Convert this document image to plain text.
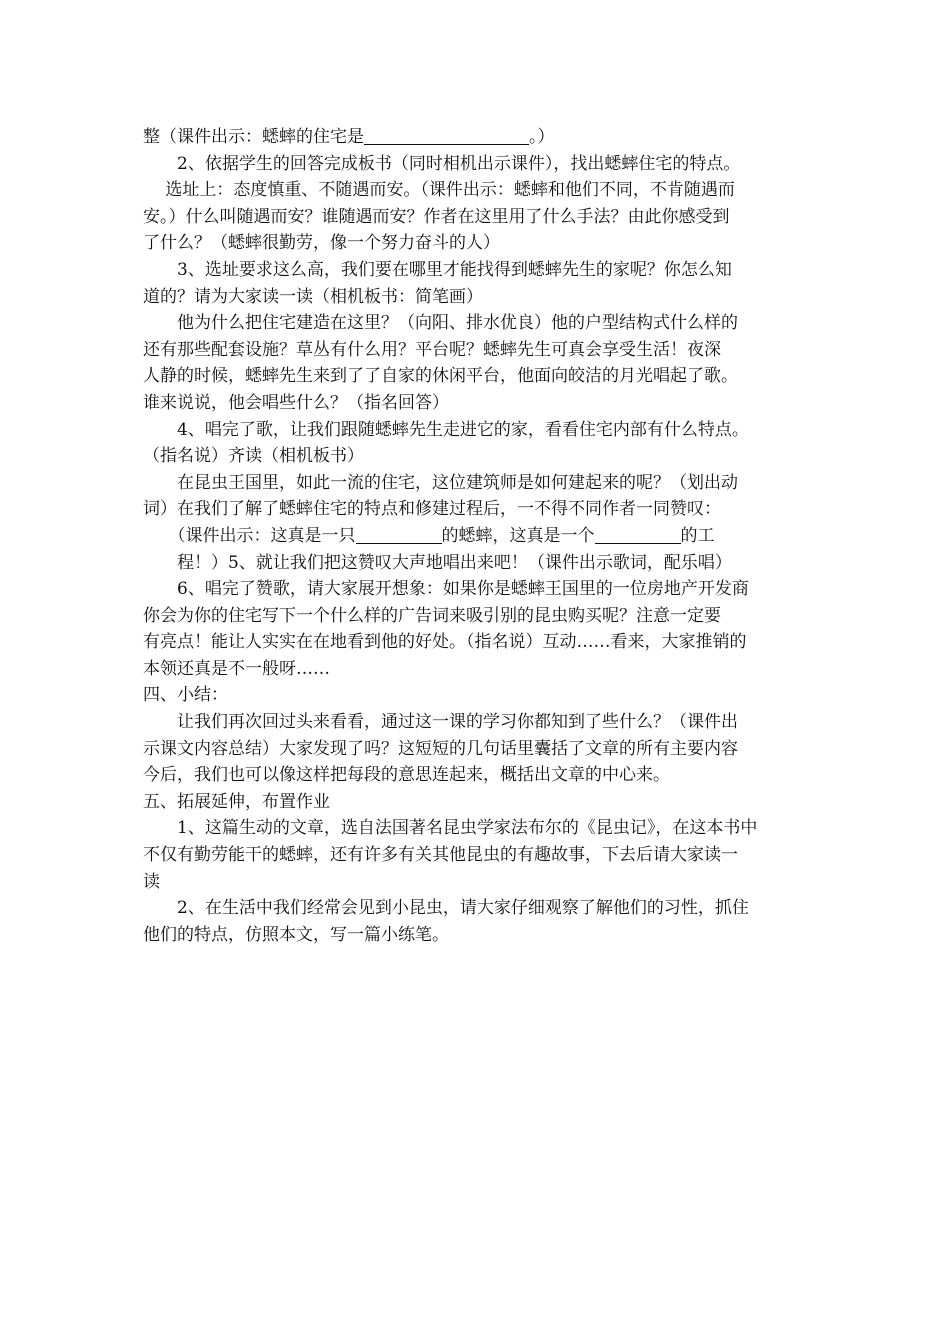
整（课件出示：蟋蟀的住宅是	。）

　　2、依据学生的回答完成板书（同时相机出示课件），找出蟋蟀住宅的特点。

　 选址上：态度慎重、不随遇而安。（课件出示：蟋蟀和他们不同，不肯随遇而

安。）什么叫随遇而安？谁随遇而安？作者在这里用了什么手法？由此你感受到

了什么？（蟋蟀很勤劳，像一个努力奋斗的人）

　　3、选址要求这么高，我们要在哪里才能找得到蟋蟀先生的家呢？你怎么知

道的？请为大家读一读（相机板书：简笔画）

　　他为什么把住宅建造在这里？（向阳、排水优良）他的户型结构式什么样的

还有那些配套设施？草丛有什么用？平台呢？蟋蟀先生可真会享受生活！夜深

人静的时候，蟋蟀先生来到了了自家的休闲平台，他面向皎洁的月光唱起了歌。

谁来说说，他会唱些什么？（指名回答）

　　4、唱完了歌，让我们跟随蟋蟀先生走进它的家，看看住宅内部有什么特点。

（指名说）齐读（相机板书）

　　在昆虫王国里，如此一流的住宅，这位建筑师是如何建起来的呢？（划出动

词）在我们了解了蟋蟀住宅的特点和修建过程后，一不得不同作者一同赞叹：

　　（课件出示：这真是一只	的蟋蟀，这真是一个	的工

　　程！）5、就让我们把这赞叹大声地唱出来吧！（课件出示歌词，配乐唱）

　　6、唱完了赞歌，请大家展开想象：如果你是蟋蟀王国里的一位房地产开发商

你会为你的住宅写下一个什么样的广告词来吸引别的昆虫购买呢？注意一定要

有亮点！能让人实实在在地看到他的好处。（指名说）互动……看来，大家推销的

本领还真是不一般呀……

四、小结：

　　让我们再次回过头来看看，通过这一课的学习你都知到了些什么？（课件出

示课文内容总结）大家发现了吗？这短短的几句话里囊括了文章的所有主要内容

今后，我们也可以像这样把每段的意思连起来，概括出文章的中心来。

五、拓展延伸，布置作业

　　1、这篇生动的文章，选自法国著名昆虫学家法布尔的《昆虫记》，在这本书中

不仅有勤劳能干的蟋蟀，还有许多有关其他昆虫的有趣故事，下去后请大家读一

读

　　2、在生活中我们经常会见到小昆虫，请大家仔细观察了解他们的习性，抓住

他们的特点，仿照本文，写一篇小练笔。
